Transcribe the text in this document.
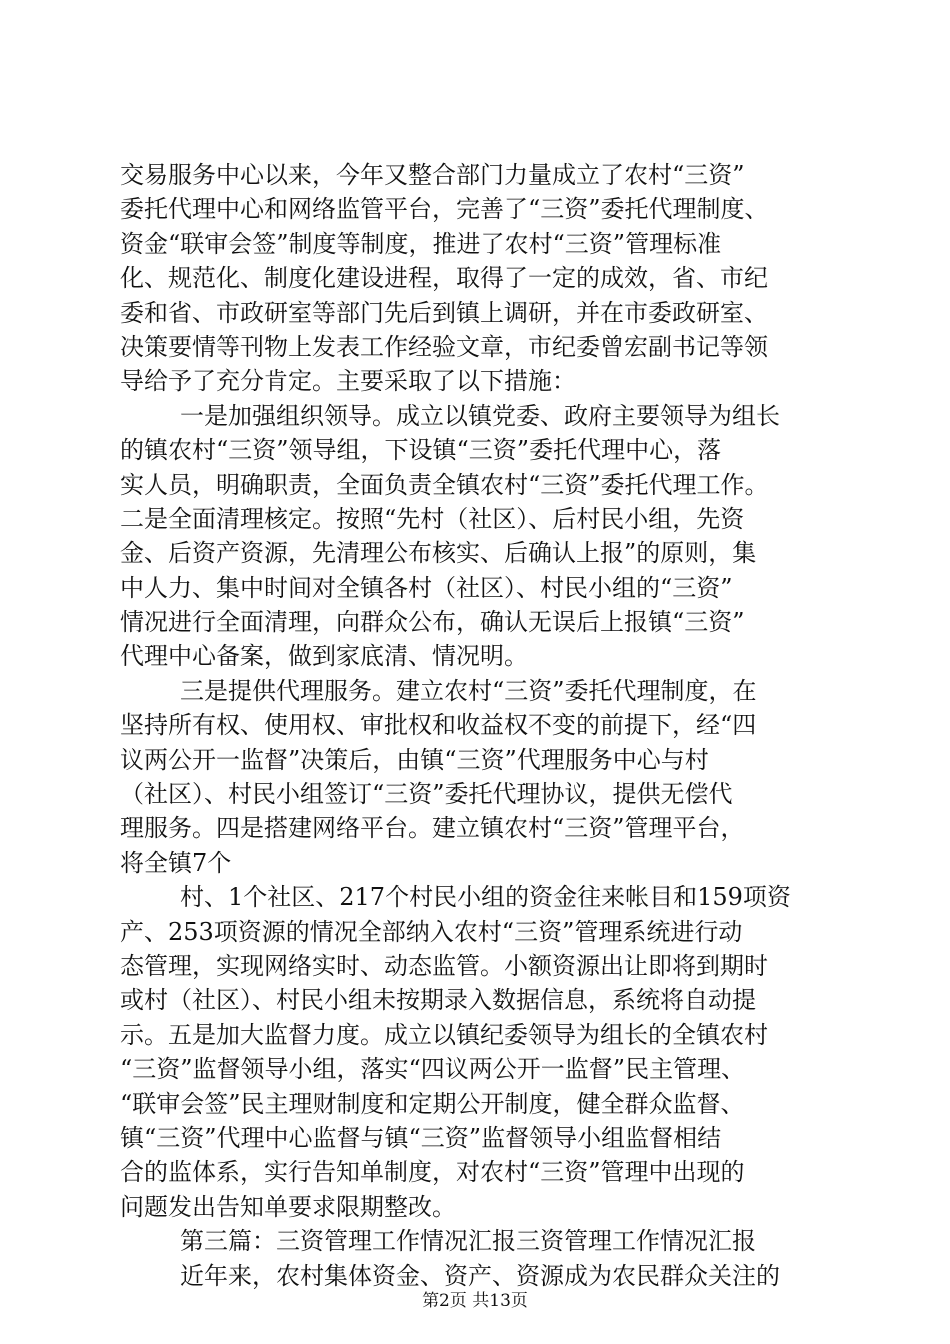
交易服务中心以来，今年又整合部门力量成立了农村“三资”
委托代理中心和网络监管平台，完善了“三资”委托代理制度、
资金“联审会签”制度等制度，推进了农村“三资”管理标准
化、规范化、制度化建设进程，取得了一定的成效，省、市纪
委和省、市政研室等部门先后到镇上调研，并在市委政研室、
决策要情等刊物上发表工作经验文章，市纪委曾宏副书记等领
导给予了充分肯定。主要采取了以下措施：
一是加强组织领导。成立以镇党委、政府主要领导为组长
的镇农村“三资”领导组，下设镇“三资”委托代理中心，落
实人员，明确职责，全面负责全镇农村“三资”委托代理工作。
二是全面清理核定。按照“先村（社区）、后村民小组，先资
金、后资产资源，先清理公布核实、后确认上报”的原则，集
中人力、集中时间对全镇各村（社区）、村民小组的“三资”
情况进行全面清理，向群众公布，确认无误后上报镇“三资”
代理中心备案，做到家底清、情况明。
三是提供代理服务。建立农村“三资”委托代理制度，在
坚持所有权、使用权、审批权和收益权不变的前提下，经“四
议两公开一监督”决策后，由镇“三资”代理服务中心与村
（社区）、村民小组签订“三资”委托代理协议，提供无偿代
理服务。四是搭建网络平台。建立镇农村“三资”管理平台，
将全镇7个
村、1个社区、217个村民小组的资金往来帐目和159项资
产、253项资源的情况全部纳入农村“三资”管理系统进行动
态管理，实现网络实时、动态监管。小额资源出让即将到期时
或村（社区）、村民小组未按期录入数据信息，系统将自动提
示。五是加大监督力度。成立以镇纪委领导为组长的全镇农村
“三资”监督领导小组，落实“四议两公开一监督”民主管理、
“联审会签”民主理财制度和定期公开制度，健全群众监督、
镇“三资”代理中心监督与镇“三资”监督领导小组监督相结
合的监体系，实行告知单制度，对农村“三资”管理中出现的
问题发出告知单要求限期整改。
第三篇：三资管理工作情况汇报三资管理工作情况汇报
近年来，农村集体资金、资产、资源成为农民群众关注的
第2页 共13页
